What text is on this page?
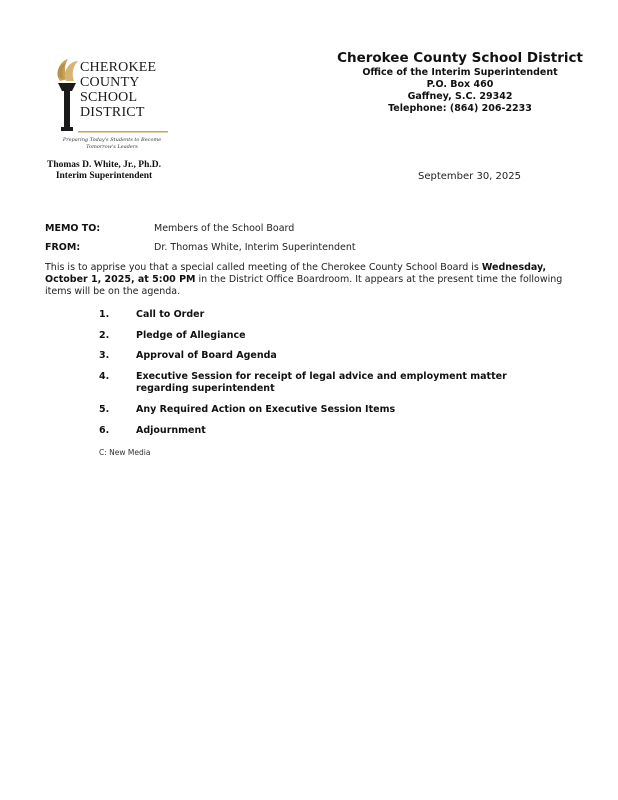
CHEROKEE
COUNTY
SCHOOL
DISTRICT
Preparing Today's Students to Become
Tomorrow's Leaders
Thomas D. White, Jr., Ph.D.
Interim Superintendent
Cherokee County School District
Office of the Interim Superintendent
P.O. Box 460
Gaffney, S.C. 29342
Telephone: (864) 206-2233
September 30, 2025
MEMO TO:	Members of the School Board
FROM:	Dr. Thomas White, Interim Superintendent
This is to apprise you that a special called meeting of the Cherokee County School Board is Wednesday, October 1, 2025, at 5:00 PM in the District Office Boardroom. It appears at the present time the following items will be on the agenda.
1.	Call to Order
2.	Pledge of Allegiance
3.	Approval of Board Agenda
4.	Executive Session for receipt of legal advice and employment matter regarding superintendent
5.	Any Required Action on Executive Session Items
6.	Adjournment
C: New Media
